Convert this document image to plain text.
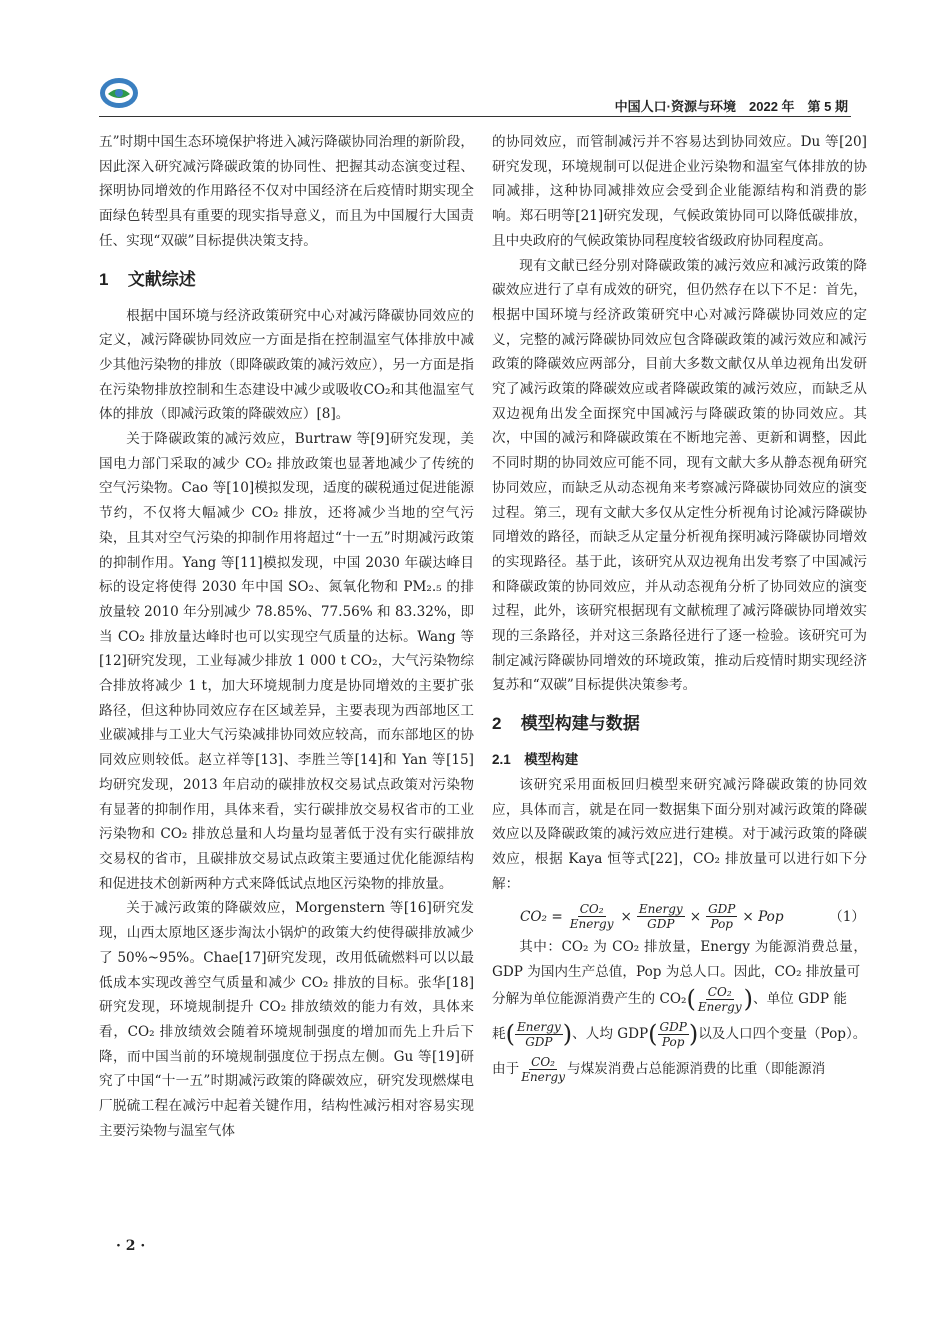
中国人口·资源与环境　2022 年　第 5 期

五”时期中国生态环境保护将进入减污降碳协同治理的新阶段，因此深入研究减污降碳政策的协同性、把握其动态演变过程、探明协同增效的作用路径不仅对中国经济在后疫情时期实现全面绿色转型具有重要的现实指导意义，而且为中国履行大国责任、实现“双碳”目标提供决策支持。

1 文献综述

根据中国环境与经济政策研究中心对减污降碳协同效应的定义，减污降碳协同效应一方面是指在控制温室气体排放中减少其他污染物的排放（即降碳政策的减污效应），另一方面是指在污染物排放控制和生态建设中减少或吸收CO₂和其他温室气体的排放（即减污政策的降碳效应）[8]。

关于降碳政策的减污效应，Burtraw 等[9]研究发现，美国电力部门采取的减少 CO₂ 排放政策也显著地减少了传统的空气污染物。Cao 等[10]模拟发现，适度的碳税通过促进能源节约，不仅将大幅减少 CO₂ 排放，还将减少当地的空气污染，且其对空气污染的抑制作用将超过“十一五”时期减污政策的抑制作用。Yang 等[11]模拟发现，中国 2030 年碳达峰目标的设定将使得 2030 年中国 SO₂、氮氧化物和 PM₂.₅ 的排放量较 2010 年分别减少 78.85%、77.56% 和 83.32%，即当 CO₂ 排放量达峰时也可以实现空气质量的达标。Wang 等[12]研究发现，工业每减少排放 1 000 t CO₂，大气污染物综合排放将减少 1 t，加大环境规制力度是协同增效的主要扩张路径，但这种协同效应存在区域差异，主要表现为西部地区工业碳减排与工业大气污染减排协同效应较高，而东部地区的协同效应则较低。赵立祥等[13]、李胜兰等[14]和 Yan 等[15]均研究发现，2013 年启动的碳排放权交易试点政策对污染物有显著的抑制作用，具体来看，实行碳排放交易权省市的工业污染物和 CO₂ 排放总量和人均量均显著低于没有实行碳排放交易权的省市，且碳排放交易试点政策主要通过优化能源结构和促进技术创新两种方式来降低试点地区污染物的排放量。

关于减污政策的降碳效应，Morgenstern 等[16]研究发现，山西太原地区逐步淘汰小锅炉的政策大约使得碳排放减少了 50%~95%。Chae[17]研究发现，改用低硫燃料可以以最低成本实现改善空气质量和减少 CO₂ 排放的目标。张华[18]研究发现，环境规制提升 CO₂ 排放绩效的能力有效，具体来看，CO₂ 排放绩效会随着环境规制强度的增加而先上升后下降，而中国当前的环境规制强度位于拐点左侧。Gu 等[19]研究了中国“十一五”时期减污政策的降碳效应，研究发现燃煤电厂脱硫工程在减污中起着关键作用，结构性减污相对容易实现主要污染物与温室气体

的协同效应，而管制减污并不容易达到协同效应。Du 等[20]研究发现，环境规制可以促进企业污染物和温室气体排放的协同减排，这种协同减排效应会受到企业能源结构和消费的影响。郑石明等[21]研究发现，气候政策协同可以降低碳排放，且中央政府的气候政策协同程度较省级政府协同程度高。

现有文献已经分别对降碳政策的减污效应和减污政策的降碳效应进行了卓有成效的研究，但仍然存在以下不足：首先，根据中国环境与经济政策研究中心对减污降碳协同效应的定义，完整的减污降碳协同效应包含降碳政策的减污效应和减污政策的降碳效应两部分，目前大多数文献仅从单边视角出发研究了减污政策的降碳效应或者降碳政策的减污效应，而缺乏从双边视角出发全面探究中国减污与降碳政策的协同效应。其次，中国的减污和降碳政策在不断地完善、更新和调整，因此不同时期的协同效应可能不同，现有文献大多从静态视角研究协同效应，而缺乏从动态视角来考察减污降碳协同效应的演变过程。第三，现有文献大多仅从定性分析视角讨论减污降碳协同增效的路径，而缺乏从定量分析视角探明减污降碳协同增效的实现路径。基于此，该研究从双边视角出发考察了中国减污和降碳政策的协同效应，并从动态视角分析了协同效应的演变过程，此外，该研究根据现有文献梳理了减污降碳协同增效实现的三条路径，并对这三条路径进行了逐一检验。该研究可为制定减污降碳协同增效的环境政策，推动后疫情时期实现经济复苏和“双碳”目标提供决策参考。

2 模型构建与数据
2.1　模型构建

该研究采用面板回归模型来研究减污降碳政策的协同效应，具体而言，就是在同一数据集下面分别对减污政策的降碳效应以及降碳政策的减污效应进行建模。对于减污政策的降碳效应，根据 Kaya 恒等式[22]，CO₂ 排放量可以进行如下分解：

$CO_2 = \frac{\text{CO₂}}{\text{Energy}} \times \frac{\text{Energy}}{\text{GDP}} \times \frac{\text{GDP}}{\text{Pop}}$ × Pop	（1）

其中：CO₂ 为 CO₂ 排放量，Energy 为能源消费总量，GDP 为国内生产总值，Pop 为总人口。因此，CO₂ 排放量可

分解为单位能源消费产生的 CO₂ ( $\frac{\text{CO₂}}{\text{Energy}}$ ) 、单位 GDP 能
耗 ( $\frac{\text{Energy}}{\text{GDP}}$ ) 、人均 GDP ( $\frac{\text{GDP}}{\text{Pop}}$ ) 以及人口四个变量（Pop）。
由于 $\frac{\text{CO₂}}{\text{Energy}}$ 与煤炭消费占总能源消费的比重（即能源消
· 2 ·
